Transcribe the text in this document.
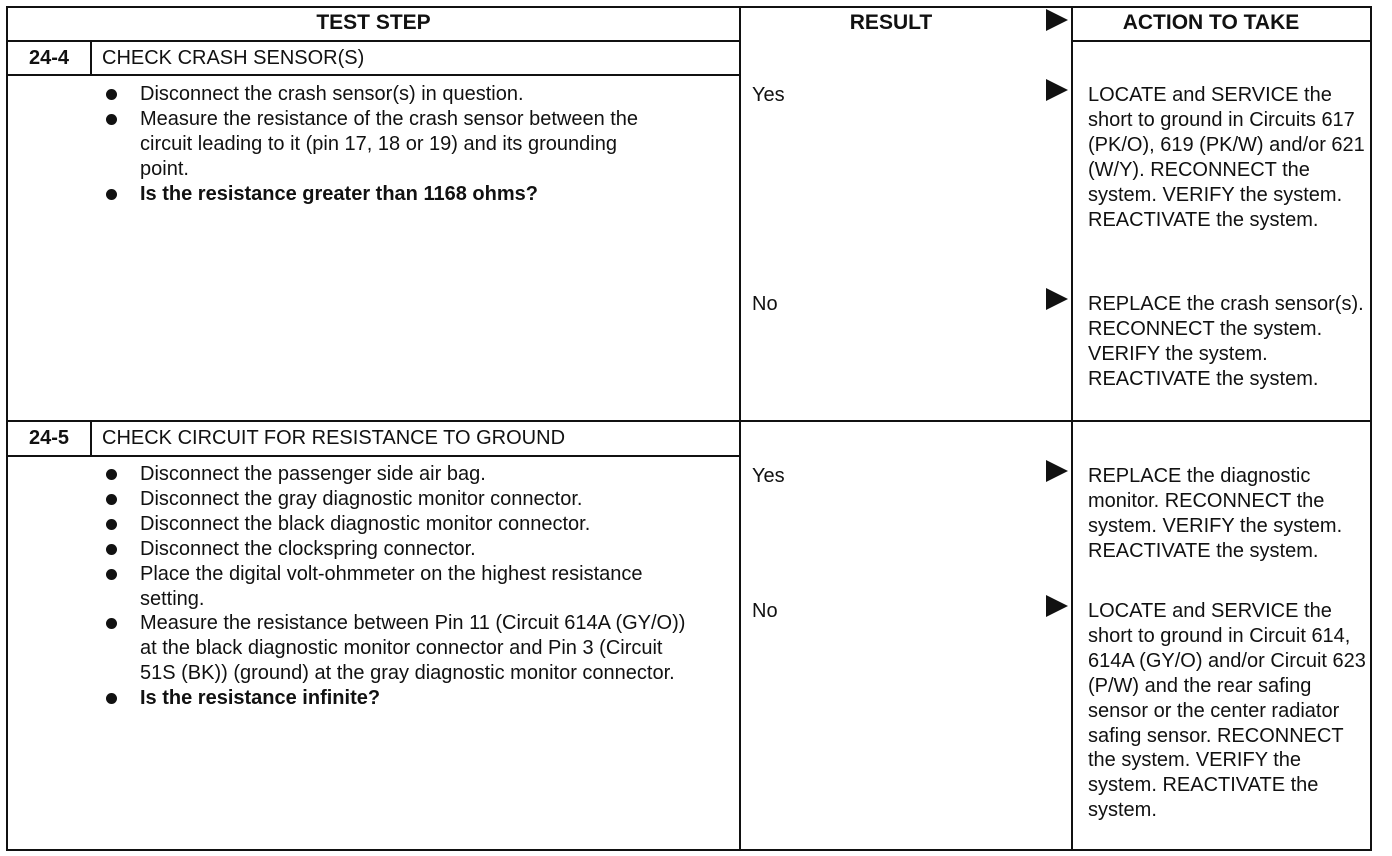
TEST STEP	RESULT	ACTION TO TAKE
24-4	CHECK CRASH SENSOR(S)
Disconnect the crash sensor(s) in question.
Measure the resistance of the crash sensor between the circuit leading to it (pin 17, 18 or 19) and its grounding point.
Is the resistance greater than 1168 ohms?
Yes	LOCATE and SERVICE the short to ground in Circuits 617 (PK/O), 619 (PK/W) and/or 621 (W/Y). RECONNECT the system. VERIFY the system. REACTIVATE the system.
No	REPLACE the crash sensor(s). RECONNECT the system. VERIFY the system. REACTIVATE the system.
24-5	CHECK CIRCUIT FOR RESISTANCE TO GROUND
Disconnect the passenger side air bag.
Disconnect the gray diagnostic monitor connector.
Disconnect the black diagnostic monitor connector.
Disconnect the clockspring connector.
Place the digital volt-ohmmeter on the highest resistance setting.
Measure the resistance between Pin 11 (Circuit 614A (GY/O)) at the black diagnostic monitor connector and Pin 3 (Circuit 51S (BK)) (ground) at the gray diagnostic monitor connector.
Is the resistance infinite?
Yes	REPLACE the diagnostic monitor. RECONNECT the system. VERIFY the system. REACTIVATE the system.
No	LOCATE and SERVICE the short to ground in Circuit 614, 614A (GY/O) and/or Circuit 623 (P/W) and the rear safing sensor or the center radiator safing sensor. RECONNECT the system. VERIFY the system. REACTIVATE the system.
